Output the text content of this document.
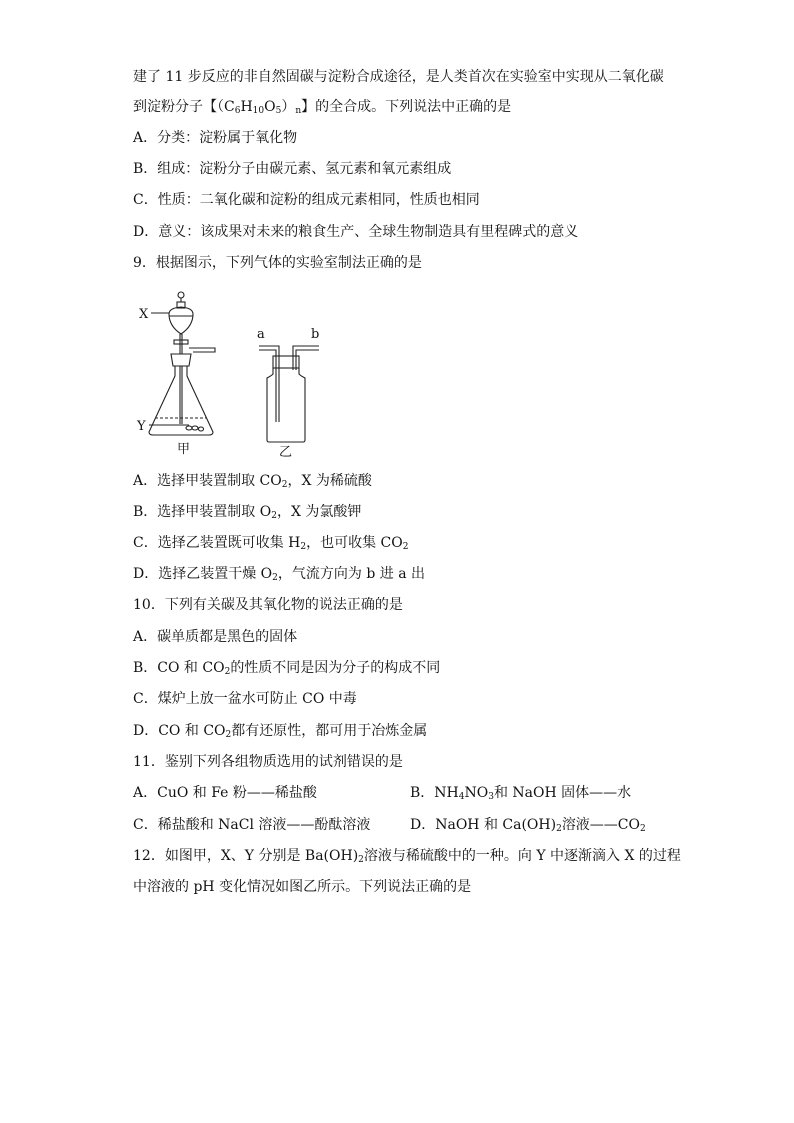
建了 11 步反应的非自然固碳与淀粉合成途径，是人类首次在实验室中实现从二氧化碳
到淀粉分子【$(C_6H_{10}O_5)_n$】的全合成。下列说法中正确的是
A．分类：淀粉属于氧化物
B．组成：淀粉分子由碳元素、氢元素和氧元素组成
C．性质：二氧化碳和淀粉的组成元素相同，性质也相同
D．意义：该成果对未来的粮食生产、全球生物制造具有里程碑式的意义
9．根据图示，下列气体的实验室制法正确的是
X
Y
a	b
甲	乙
A．选择甲装置制取 $CO_2$，X 为稀硫酸
B．选择甲装置制取 $O_2$，X 为氯酸钾
C．选择乙装置既可收集 $H_2$，也可收集 $CO_2$
D．选择乙装置干燥 $O_2$，气流方向为 b 进 a 出
10．下列有关碳及其氧化物的说法正确的是
A．碳单质都是黑色的固体
B．CO 和 $CO_2$的性质不同是因为分子的构成不同
C．煤炉上放一盆水可防止 CO 中毒
D．CO 和 $CO_2$都有还原性，都可用于冶炼金属
11．鉴别下列各组物质选用的试剂错误的是
A．CuO 和 Fe 粉——稀盐酸	B．$NH_4NO_3$和 NaOH 固体——水
C．稀盐酸和 NaCl 溶液——酚酞溶液	D．NaOH 和 $Ca(OH)_2$溶液$——CO_2$
12．如图甲，X、Y 分别是 $Ba(OH)_2$溶液与稀硫酸中的一种。向 Y 中逐渐滴入 X 的过程
中溶液的 pH 变化情况如图乙所示。下列说法正确的是
